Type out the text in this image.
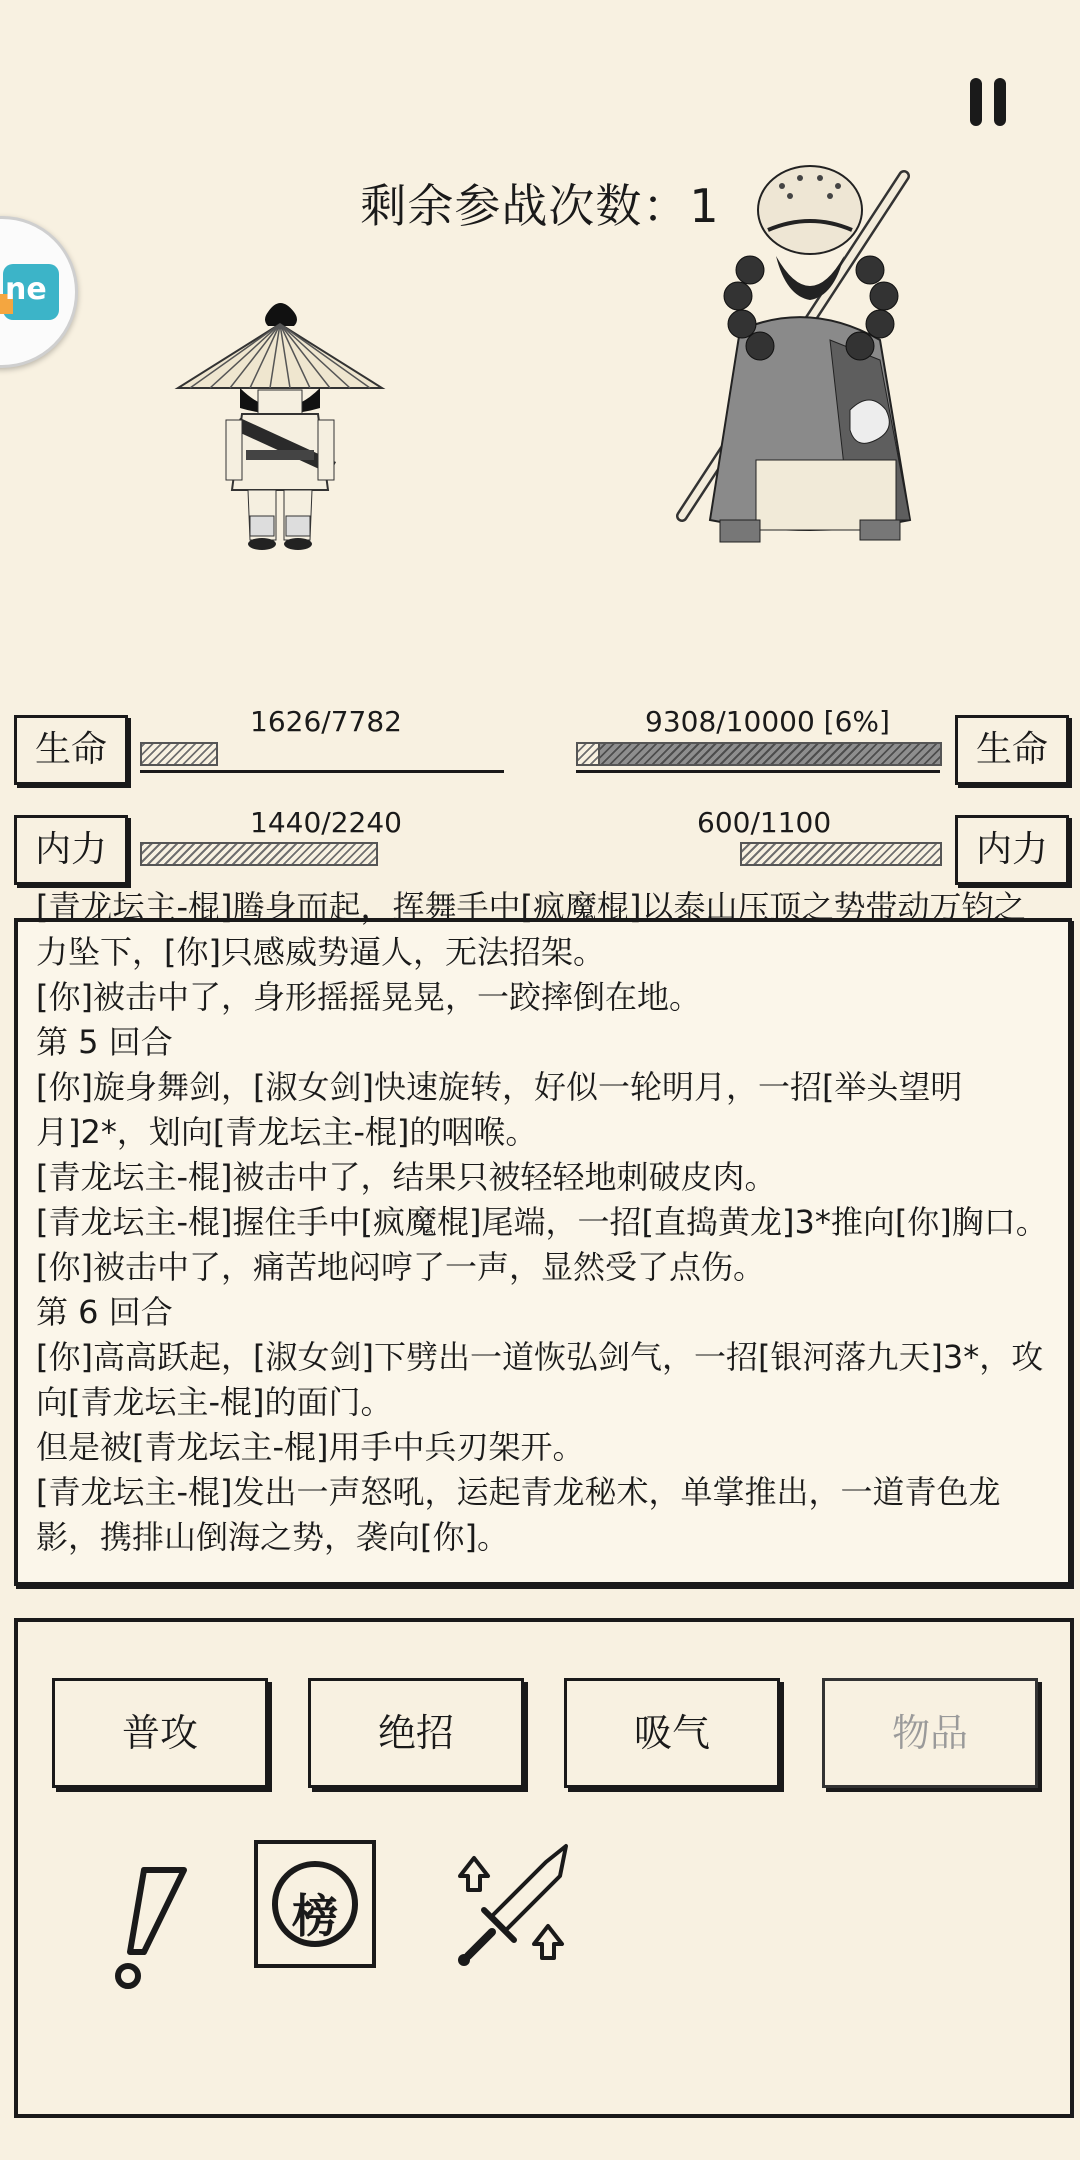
ne
剩余参战次数：1
生命
1626/7782
内力
1440/2240
生命
9308/10000 [6%]
内力
600/1100

[青龙坛主-棍]腾身而起，挥舞手中[疯魔棍]以泰山压顶之势带动万钧之

力坠下，[你]只感威势逼人，无法招架。

[你]被击中了，身形摇摇晃晃，一跤摔倒在地。

第 5 回合

[你]旋身舞剑，[淑女剑]快速旋转，好似一轮明月，一招[举头望明

月]2*，划向[青龙坛主-棍]的咽喉。

[青龙坛主-棍]被击中了，结果只被轻轻地刺破皮肉。

[青龙坛主-棍]握住手中[疯魔棍]尾端，一招[直捣黄龙]3*推向[你]胸口。

[你]被击中了，痛苦地闷哼了一声，显然受了点伤。

第 6 回合

[你]高高跃起，[淑女剑]下劈出一道恢弘剑气，一招[银河落九天]3*，攻

向[青龙坛主-棍]的面门。

但是被[青龙坛主-棍]用手中兵刃架开。

[青龙坛主-棍]发出一声怒吼，运起青龙秘术，单掌推出，一道青色龙

影，携排山倒海之势，袭向[你]。

普攻	绝招	吸气	物品
榜
